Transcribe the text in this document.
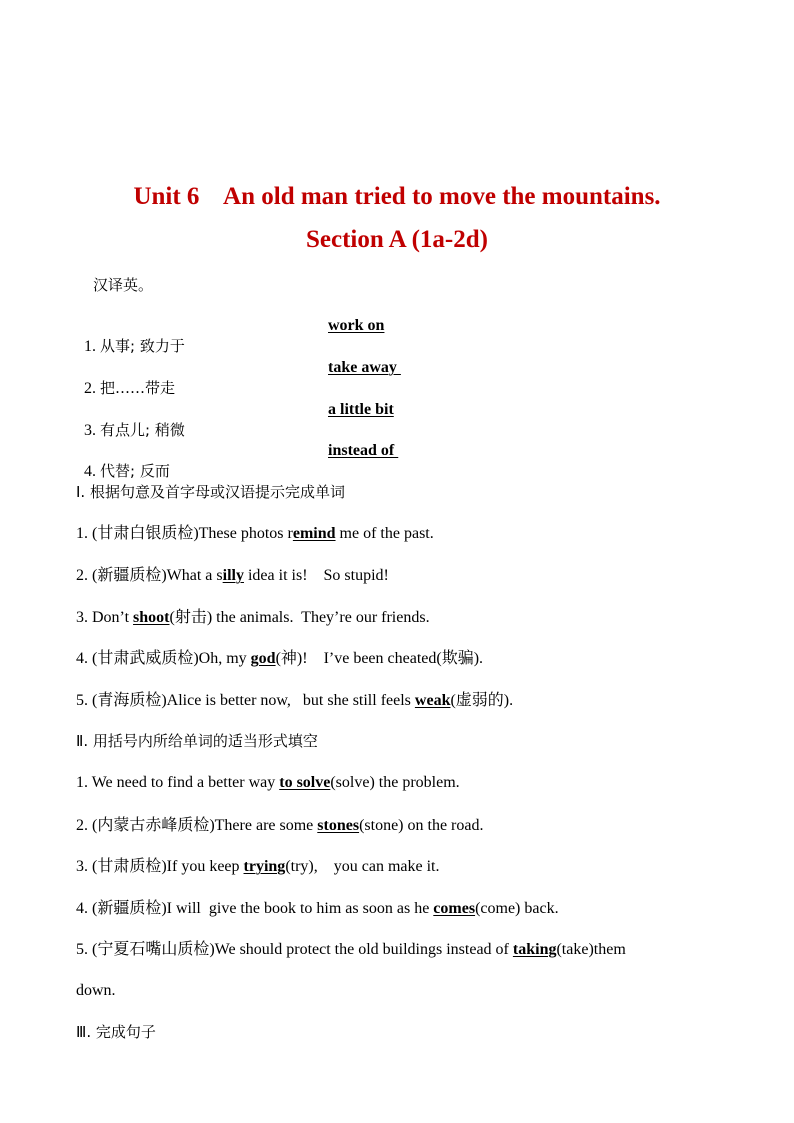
Unit 6    An old man tried to move the mountains.
Section A (1a-2d)
汉译英。

1. 从事; 致力于

work on

2. 把……带走

take away

3. 有点儿; 稍微

a little bit

4. 代替; 反而

instead of
Ⅰ. 根据句意及首字母或汉语提示完成单词
1. (甘肃白银质检)These photos remind me of the past.
2. (新疆质检)What a silly idea it is!    So stupid!
3. Don’t shoot(射击) the animals.  They’re our friends.
4. (甘肃武威质检)Oh, my god(神)!    I’ve been cheated(欺骗).
5. (青海质检)Alice is better now,   but she still feels weak(虚弱的).
Ⅱ. 用括号内所给单词的适当形式填空
1. We need to find a better way to solve(solve) the problem.
2. (内蒙古赤峰质检)There are some stones(stone) on the road.
3. (甘肃质检)If you keep trying(try),    you can make it.
4. (新疆质检)I will  give the book to him as soon as he comes(come) back.
5. (宁夏石嘴山质检)We should protect the old buildings instead of taking(take)them
down.
Ⅲ. 完成句子
